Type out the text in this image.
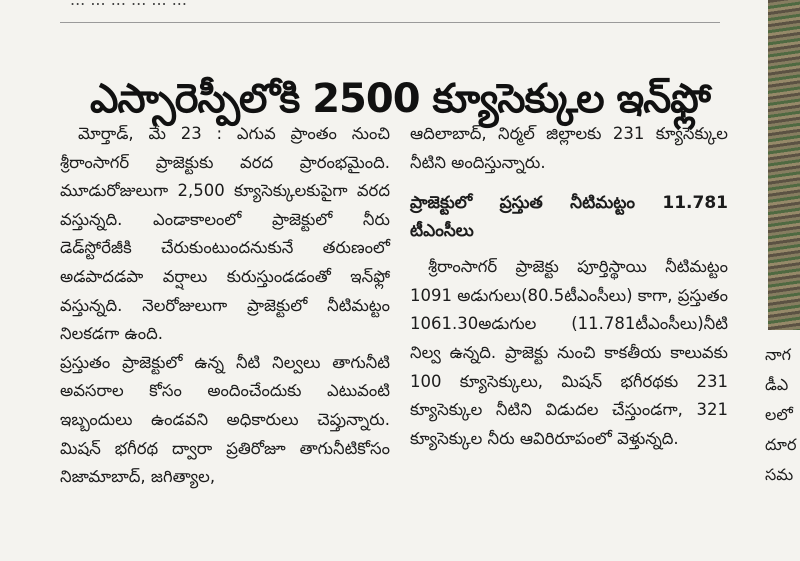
ఎస్సారెస్పీలోకి 2500 క్యూసెక్కుల ఇన్‌ఫ్లో

మోర్తాడ్, మే 23 : ఎగువ ప్రాంతం నుంచి శ్రీరాంసాగర్ ప్రాజెక్టుకు వరద ప్రారంభమైంది. మూడురోజులుగా 2,500 క్యూసెక్కులకుపైగా వరద వస్తున్నది. ఎండాకాలంలో ప్రాజెక్టులో నీరు డెడ్‌స్టోరేజీకి చేరుకుంటుందనుకునే తరుణంలో అడపాదడపా వర్షాలు కురుస్తుండడంతో ఇన్‌ఫ్లో వస్తున్నది. నెలరోజులుగా ప్రాజెక్టులో నీటిమట్టం నిలకడగా ఉంది.

ప్రస్తుతం ప్రాజెక్టులో ఉన్న నీటి నిల్వలు తాగునీటి అవసరాల కోసం అందించేందుకు ఎటువంటి ఇబ్బందులు ఉండవని అధికారులు చెప్తున్నారు. మిషన్ భగీరథ ద్వారా ప్రతిరోజూ తాగునీటికోసం నిజామాబాద్, జగిత్యాల,

ఆదిలాబాద్, నిర్మల్ జిల్లాలకు 231 క్యూసెక్కుల నీటిని అందిస్తున్నారు.

ప్రాజెక్టులో ప్రస్తుత నీటిమట్టం 11.781 టీఎంసీలు

శ్రీరాంసాగర్ ప్రాజెక్టు పూర్తిస్థాయి నీటిమట్టం 1091 అడుగులు(80.5టీఎంసీలు) కాగా, ప్రస్తుతం 1061.30అడుగుల (11.781టీఎంసీలు)నీటి నిల్వ ఉన్నది. ప్రాజెక్టు నుంచి కాకతీయ కాలువకు 100 క్యూసెక్కులు, మిషన్ భగీరథకు 231 క్యూసెక్కుల నీటిని విడుదల చేస్తుండగా, 321 క్యూసెక్కుల నీరు ఆవిరిరూపంలో వెళ్తున్నది.

నాగ
డీఎ
లలో
దూర
సమ
